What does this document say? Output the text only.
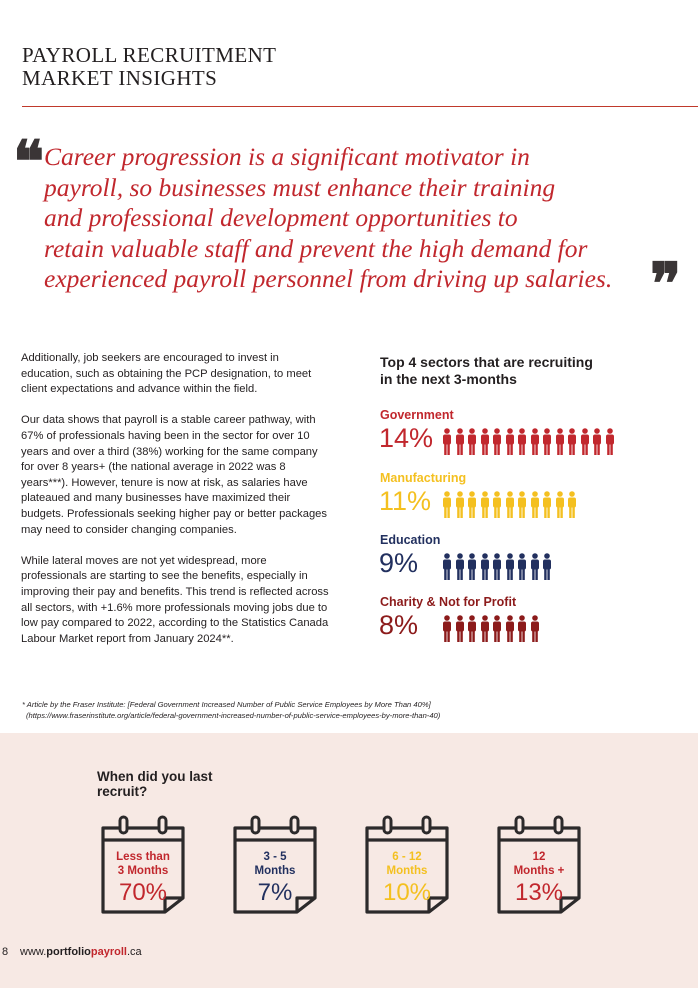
PAYROLL RECRUITMENT
MARKET INSIGHTS
❝ Career progression is a significant motivator in
payroll, so businesses must enhance their training
and professional development opportunities to
retain valuable staff and prevent the high demand for
experienced payroll personnel from driving up salaries. ❞

Additionally, job seekers are encouraged to invest in education, such as obtaining the PCP designation, to meet client expectations and advance within the field.

Our data shows that payroll is a stable career pathway, with 67% of professionals having been in the sector for over 10 years and over a third (38%) working for the same company for over 8 years+ (the national average in 2022 was 8 years***). However, tenure is now at risk, as salaries have plateaued and many businesses have maximized their budgets. Professionals seeking higher pay or better packages may need to consider changing companies.

While lateral moves are not yet widespread, more professionals are starting to see the benefits, especially in improving their pay and benefits. This trend is reflected across all sectors, with +1.6% more professionals moving jobs due to low pay compared to 2022, according to the Statistics Canada Labour Market report from January 2024**.

Top 4 sectors that are recruiting
in the next 3-months
Government
14%
Manufacturing
11%
Education
9%
Charity & Not for Profit
8%
* Article by the Fraser Institute: [Federal Government Increased Number of Public Service Employees by More Than 40%]
(https://www.fraserinstitute.org/article/federal-government-increased-number-of-public-service-employees-by-more-than-40)
When did you last
recruit?
Less than
3 Months
70%
3 - 5
Months
7%
6 - 12
Months
10%
12
Months +
13%
8 www.portfoliopayroll.ca
